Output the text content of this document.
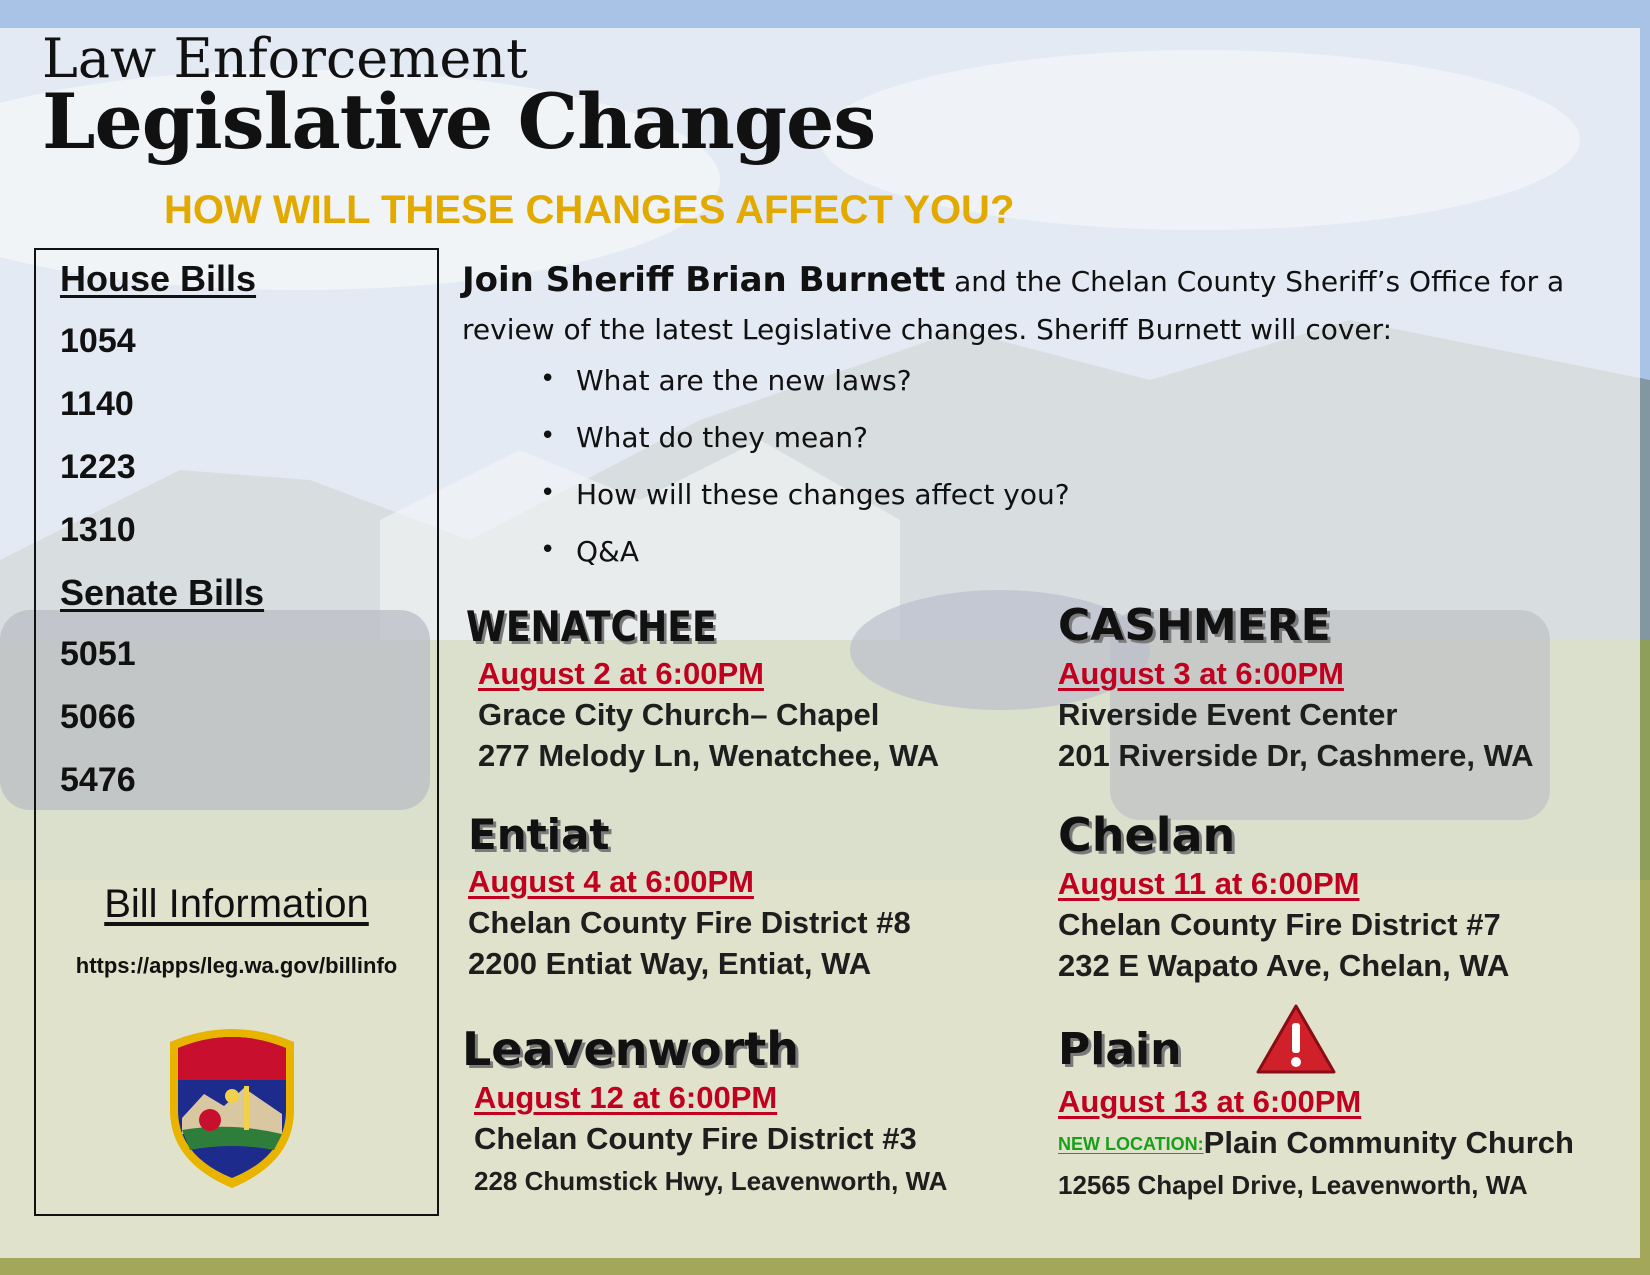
Law Enforcement
Legislative Changes
HOW WILL THESE CHANGES AFFECT YOU?
House Bills
1054
1140
1223
1310
Senate Bills
5051
5066
5476
Bill Information
https://apps/leg.wa.gov/billinfo
Join Sheriff Brian Burnett and the Chelan County Sheriff’s Office for a review of the latest Legislative changes. Sheriff Burnett will cover:
• What are the new laws?
• What do they mean?
• How will these changes affect you?
• Q&A
WENATCHEE
August 2 at 6:00PM
Grace City Church– Chapel
277 Melody Ln, Wenatchee, WA
CASHMERE
August 3 at 6:00PM
Riverside Event Center
201 Riverside Dr, Cashmere, WA
Entiat
August 4 at 6:00PM
Chelan County Fire District #8
2200 Entiat Way, Entiat, WA
Chelan
August 11 at 6:00PM
Chelan County Fire District #7
232 E Wapato Ave, Chelan, WA
Leavenworth
August 12 at 6:00PM
Chelan County Fire District #3
228 Chumstick Hwy, Leavenworth, WA
Plain
August 13 at 6:00PM
NEW LOCATION:Plain Community Church
12565 Chapel Drive, Leavenworth, WA
